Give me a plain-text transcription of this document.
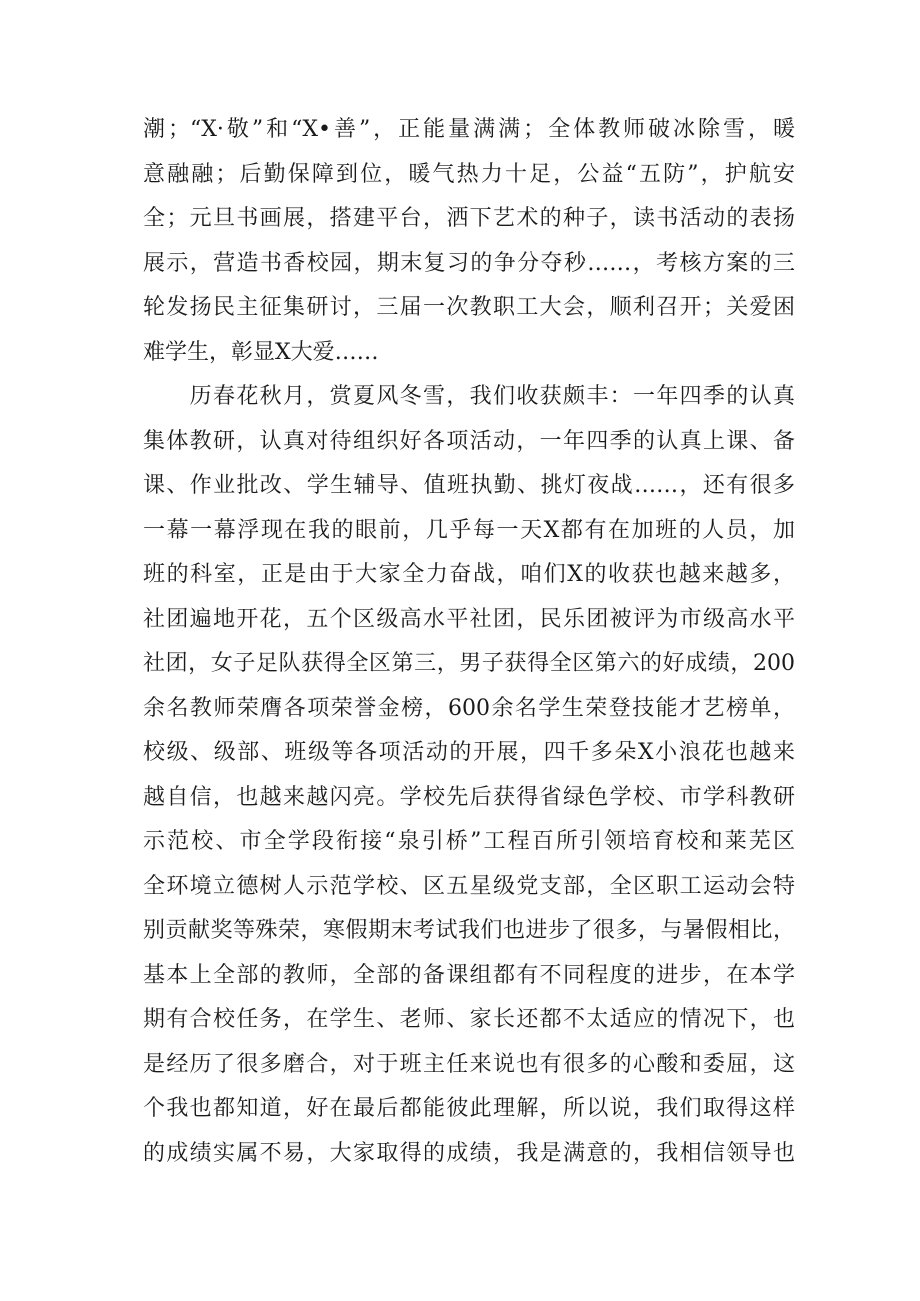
潮；“X·敬”和“X•善”，正能量满满；全体教师破冰除雪，暖
意融融；后勤保障到位，暖气热力十足，公益“五防”，护航安
全；元旦书画展，搭建平台，洒下艺术的种子，读书活动的表扬
展示，营造书香校园，期末复习的争分夺秒……，考核方案的三
轮发扬民主征集研讨，三届一次教职工大会，顺利召开；关爱困
难学生，彰显X大爱……
　　历春花秋月，赏夏风冬雪，我们收获颇丰：一年四季的认真
集体教研，认真对待组织好各项活动，一年四季的认真上课、备
课、作业批改、学生辅导、值班执勤、挑灯夜战……，还有很多
一幕一幕浮现在我的眼前，几乎每一天X都有在加班的人员，加
班的科室，正是由于大家全力奋战，咱们X的收获也越来越多，
社团遍地开花，五个区级高水平社团，民乐团被评为市级高水平
社团，女子足队获得全区第三，男子获得全区第六的好成绩，200
余名教师荣膺各项荣誉金榜，600余名学生荣登技能才艺榜单，
校级、级部、班级等各项活动的开展，四千多朵X小浪花也越来
越自信，也越来越闪亮。学校先后获得省绿色学校、市学科教研
示范校、市全学段衔接“泉引桥”工程百所引领培育校和莱芜区
全环境立德树人示范学校、区五星级党支部，全区职工运动会特
别贡献奖等殊荣，寒假期末考试我们也进步了很多，与暑假相比，
基本上全部的教师，全部的备课组都有不同程度的进步，在本学
期有合校任务，在学生、老师、家长还都不太适应的情况下，也
是经历了很多磨合，对于班主任来说也有很多的心酸和委屈，这
个我也都知道，好在最后都能彼此理解，所以说，我们取得这样
的成绩实属不易，大家取得的成绩，我是满意的，我相信领导也
